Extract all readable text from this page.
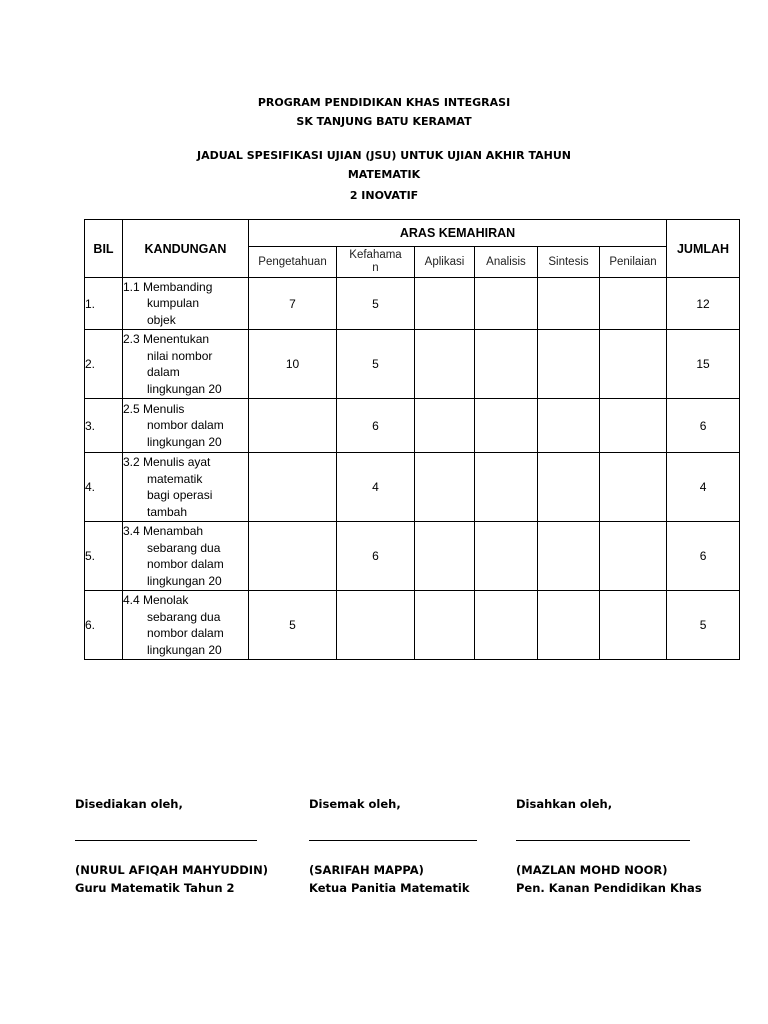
PROGRAM PENDIDIKAN KHAS INTEGRASI
SK TANJUNG BATU KERAMAT
JADUAL SPESIFIKASI UJIAN (JSU) UNTUK UJIAN AKHIR TAHUN
MATEMATIK
2 INOVATIF
BIL	KANDUNGAN	ARAS KEMAHIRAN						JUMLAH
		Pengetahuan	Kefahama
n	Aplikasi	Analisis	Sintesis	Penilaian	
1.	1.1 Membanding
kumpulan
objek	7	5					12
2.	2.3 Menentukan
nilai nombor
dalam
lingkungan 20	10	5					15
3.	2.5 Menulis
nombor dalam
lingkungan 20		6					6
4.	3.2 Menulis ayat
matematik
bagi operasi
tambah		4					4
5.	3.4 Menambah
sebarang dua
nombor dalam
lingkungan 20		6					6
6.	4.4 Menolak
sebarang dua
nombor dalam
lingkungan 20	5						5
Disediakan oleh,
(NURUL AFIQAH MAHYUDDIN)
Guru Matematik Tahun 2
Disemak oleh,
(SARIFAH MAPPA)
Ketua Panitia Matematik
Disahkan oleh,
(MAZLAN MOHD NOOR)
Pen. Kanan Pendidikan Khas
